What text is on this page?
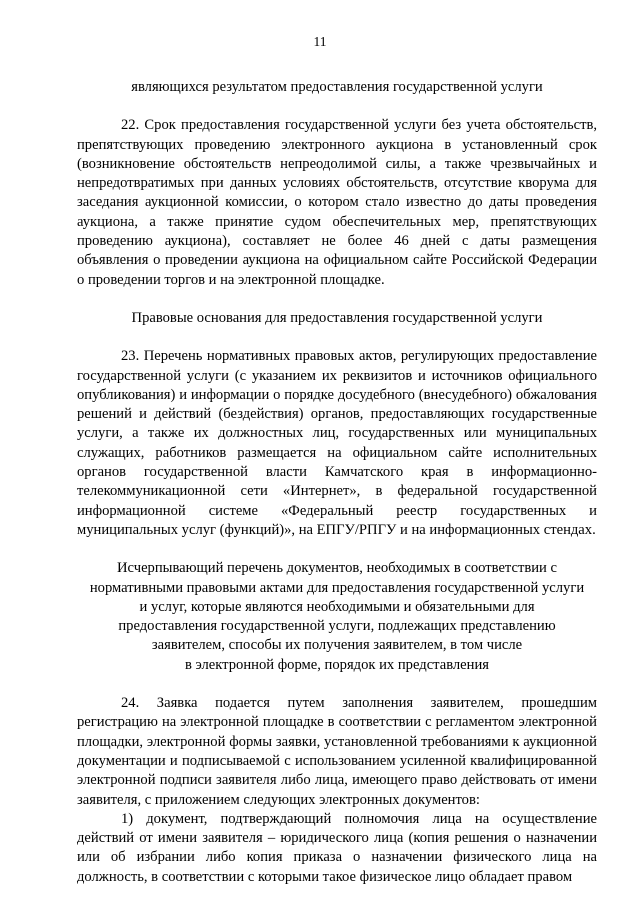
11

являющихся результатом предоставления государственной услуги

22. Срок предоставления государственной услуги без учета обстоятельств, препятствующих проведению электронного аукциона в установленный срок (возникновение обстоятельств непреодолимой силы, а также чрезвычайных и непредотвратимых при данных условиях обстоятельств, отсутствие кворума для заседания аукционной комиссии, о котором стало известно до даты проведения аукциона, а также принятие судом обеспечительных мер, препятствующих проведению аукциона), составляет не более 46 дней с даты размещения объявления о проведении аукциона на официальном сайте Российской Федерации о проведении торгов и на электронной площадке.

Правовые основания для предоставления государственной услуги

23. Перечень нормативных правовых актов, регулирующих предоставление государственной услуги (с указанием их реквизитов и источников официального опубликования) и информации о порядке досудебного (внесудебного) обжалования решений и действий (бездействия) органов, предоставляющих государственные услуги, а также их должностных лиц, государственных или муниципальных служащих, работников размещается на официальном сайте исполнительных органов государственной власти Камчатского края в информационно-телекоммуникационной сети «Интернет», в федеральной государственной информационной системе «Федеральный реестр государственных и муниципальных услуг (функций)», на ЕПГУ/РПГУ и на информационных стендах.

Исчерпывающий перечень документов, необходимых в соответствии с
нормативными правовыми актами для предоставления государственной услуги
и услуг, которые являются необходимыми и обязательными для
предоставления государственной услуги, подлежащих представлению
заявителем, способы их получения заявителем, в том числе
в электронной форме, порядок их представления

24. Заявка подается путем заполнения заявителем, прошедшим регистрацию на электронной площадке в соответствии с регламентом электронной площадки, электронной формы заявки, установленной требованиями к аукционной документации и подписываемой с использованием усиленной квалифицированной электронной подписи заявителя либо лица, имеющего право действовать от имени заявителя, с приложением следующих электронных документов:

1) документ, подтверждающий полномочия лица на осуществление действий от имени заявителя – юридического лица (копия решения о назначении или об избрании либо копия приказа о назначении физического лица на должность, в соответствии с которыми такое физическое лицо обладает правом
